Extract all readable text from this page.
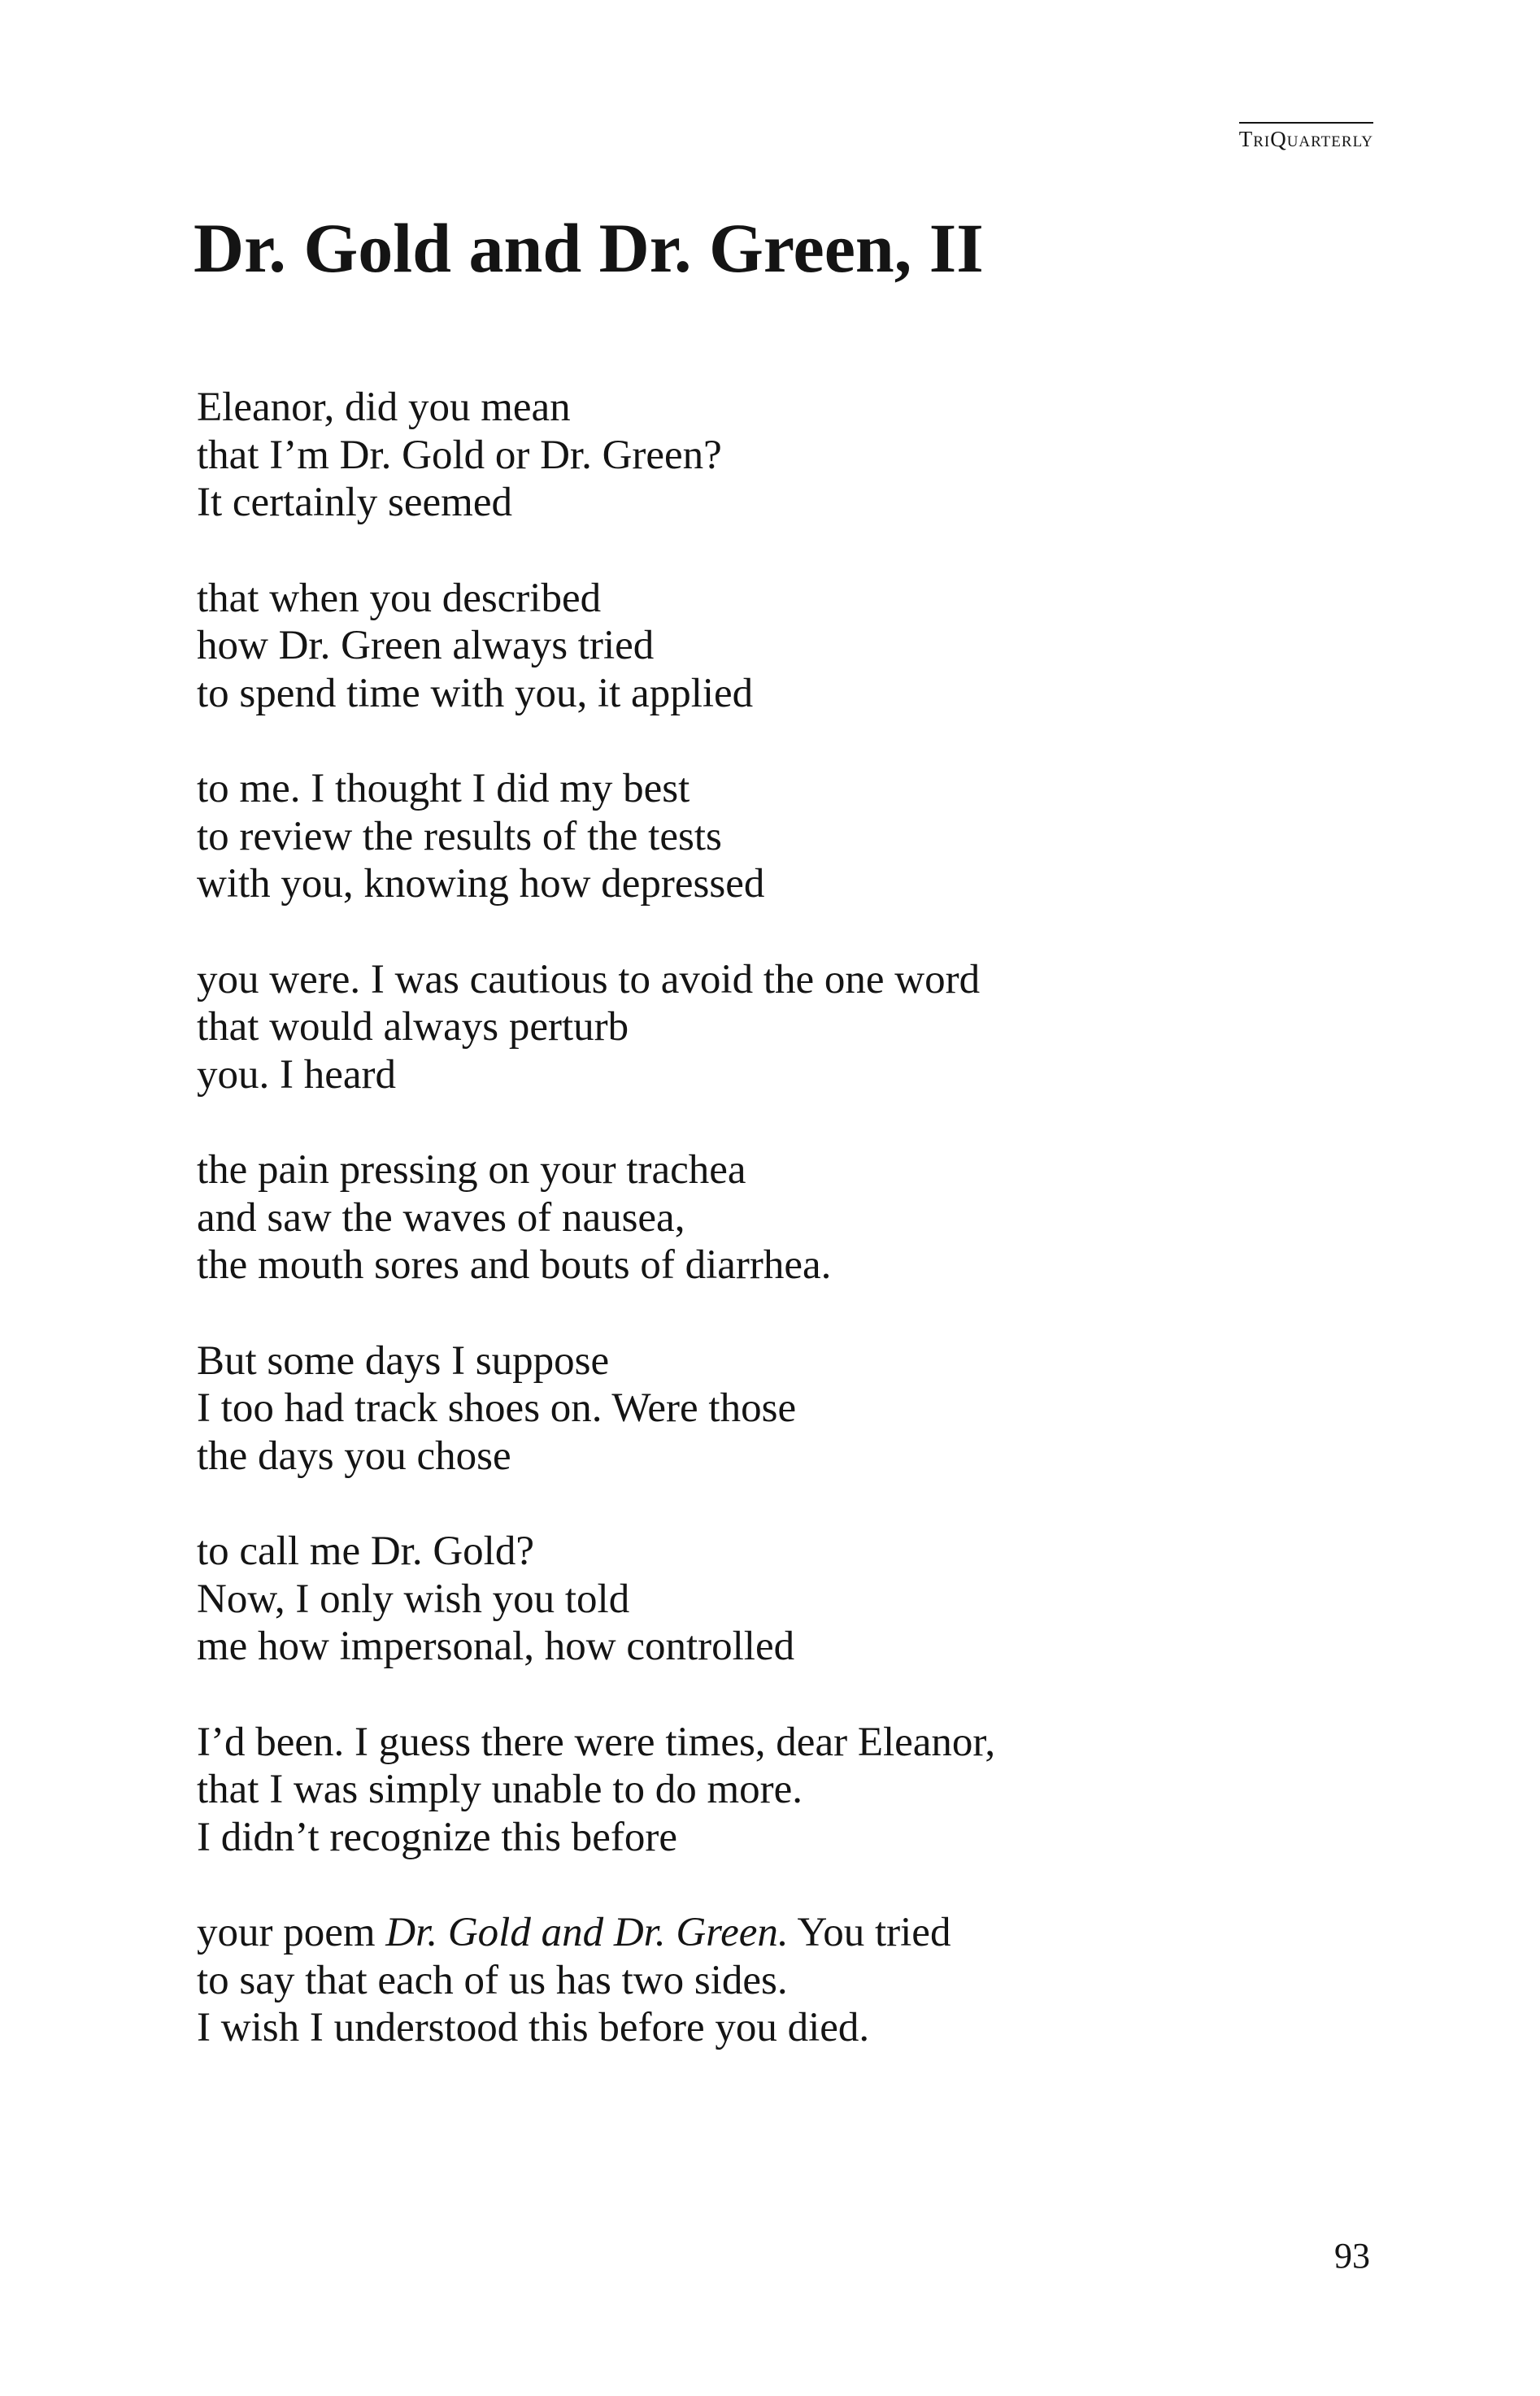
TriQuarterly
Dr. Gold and Dr. Green, II
Eleanor, did you mean
that I’m Dr. Gold or Dr. Green?
It certainly seemed
that when you described
how Dr. Green always tried
to spend time with you, it applied
to me. I thought I did my best
to review the results of the tests
with you, knowing how depressed
you were. I was cautious to avoid the one word
that would always perturb
you. I heard
the pain pressing on your trachea
and saw the waves of nausea,
the mouth sores and bouts of diarrhea.
But some days I suppose
I too had track shoes on. Were those
the days you chose
to call me Dr. Gold?
Now, I only wish you told
me how impersonal, how controlled
I’d been. I guess there were times, dear Eleanor,
that I was simply unable to do more.
I didn’t recognize this before
your poem Dr. Gold and Dr. Green. You tried
to say that each of us has two sides.
I wish I understood this before you died.
93
